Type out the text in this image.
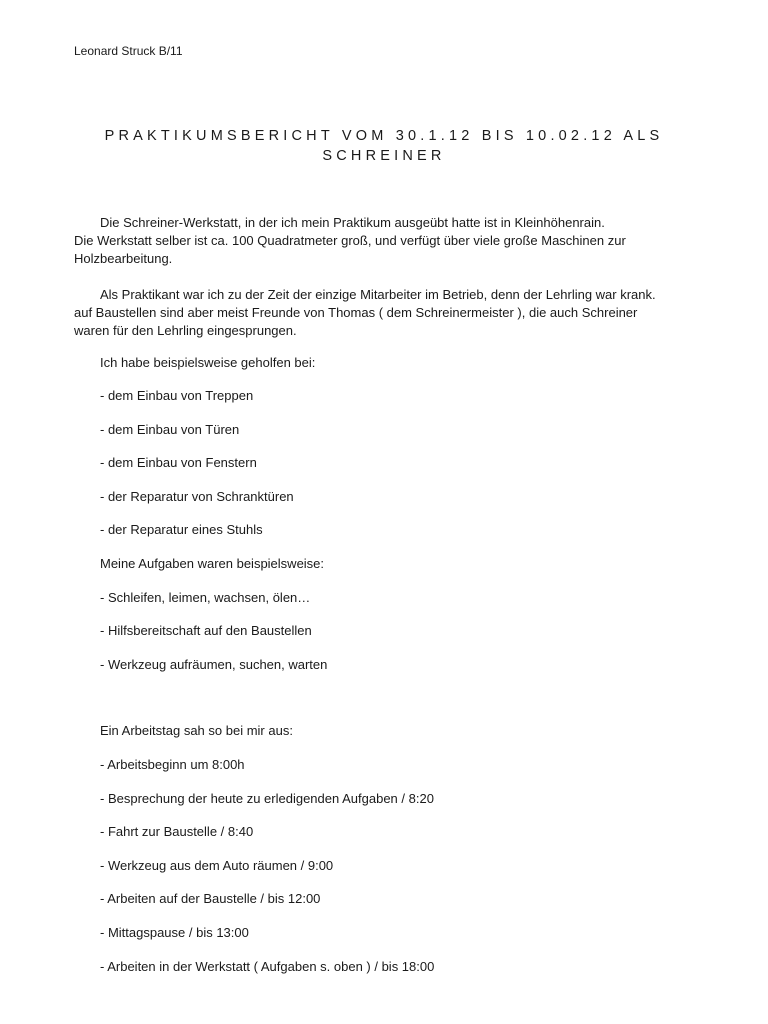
Leonard Struck B/11
PRAKTIKUMSBERICHT VOM 30.1.12 BIS 10.02.12 ALS
SCHREINER
Die Schreiner-Werkstatt, in der ich mein Praktikum ausgeübt hatte ist in Kleinhöhenrain.
Die Werkstatt selber ist ca. 100 Quadratmeter groß, und verfügt über viele große Maschinen zur
Holzbearbeitung.
Als Praktikant war ich zu der Zeit der einzige Mitarbeiter im Betrieb, denn der Lehrling war krank.
auf Baustellen sind aber meist Freunde von Thomas ( dem Schreinermeister ), die auch Schreiner
waren für den Lehrling eingesprungen.
Ich habe beispielsweise geholfen bei:
- dem Einbau von Treppen
- dem Einbau von Türen
- dem Einbau von Fenstern
- der Reparatur von Schranktüren
- der Reparatur eines Stuhls
Meine Aufgaben waren beispielsweise:
- Schleifen, leimen, wachsen, ölen…
- Hilfsbereitschaft auf den Baustellen
- Werkzeug aufräumen, suchen, warten
Ein Arbeitstag sah so bei mir aus:
- Arbeitsbeginn um 8:00h
- Besprechung der heute zu erledigenden Aufgaben / 8:20
- Fahrt zur Baustelle / 8:40
- Werkzeug aus dem Auto räumen / 9:00
- Arbeiten auf der Baustelle / bis 12:00
- Mittagspause / bis 13:00
- Arbeiten in der Werkstatt ( Aufgaben s. oben ) / bis 18:00
